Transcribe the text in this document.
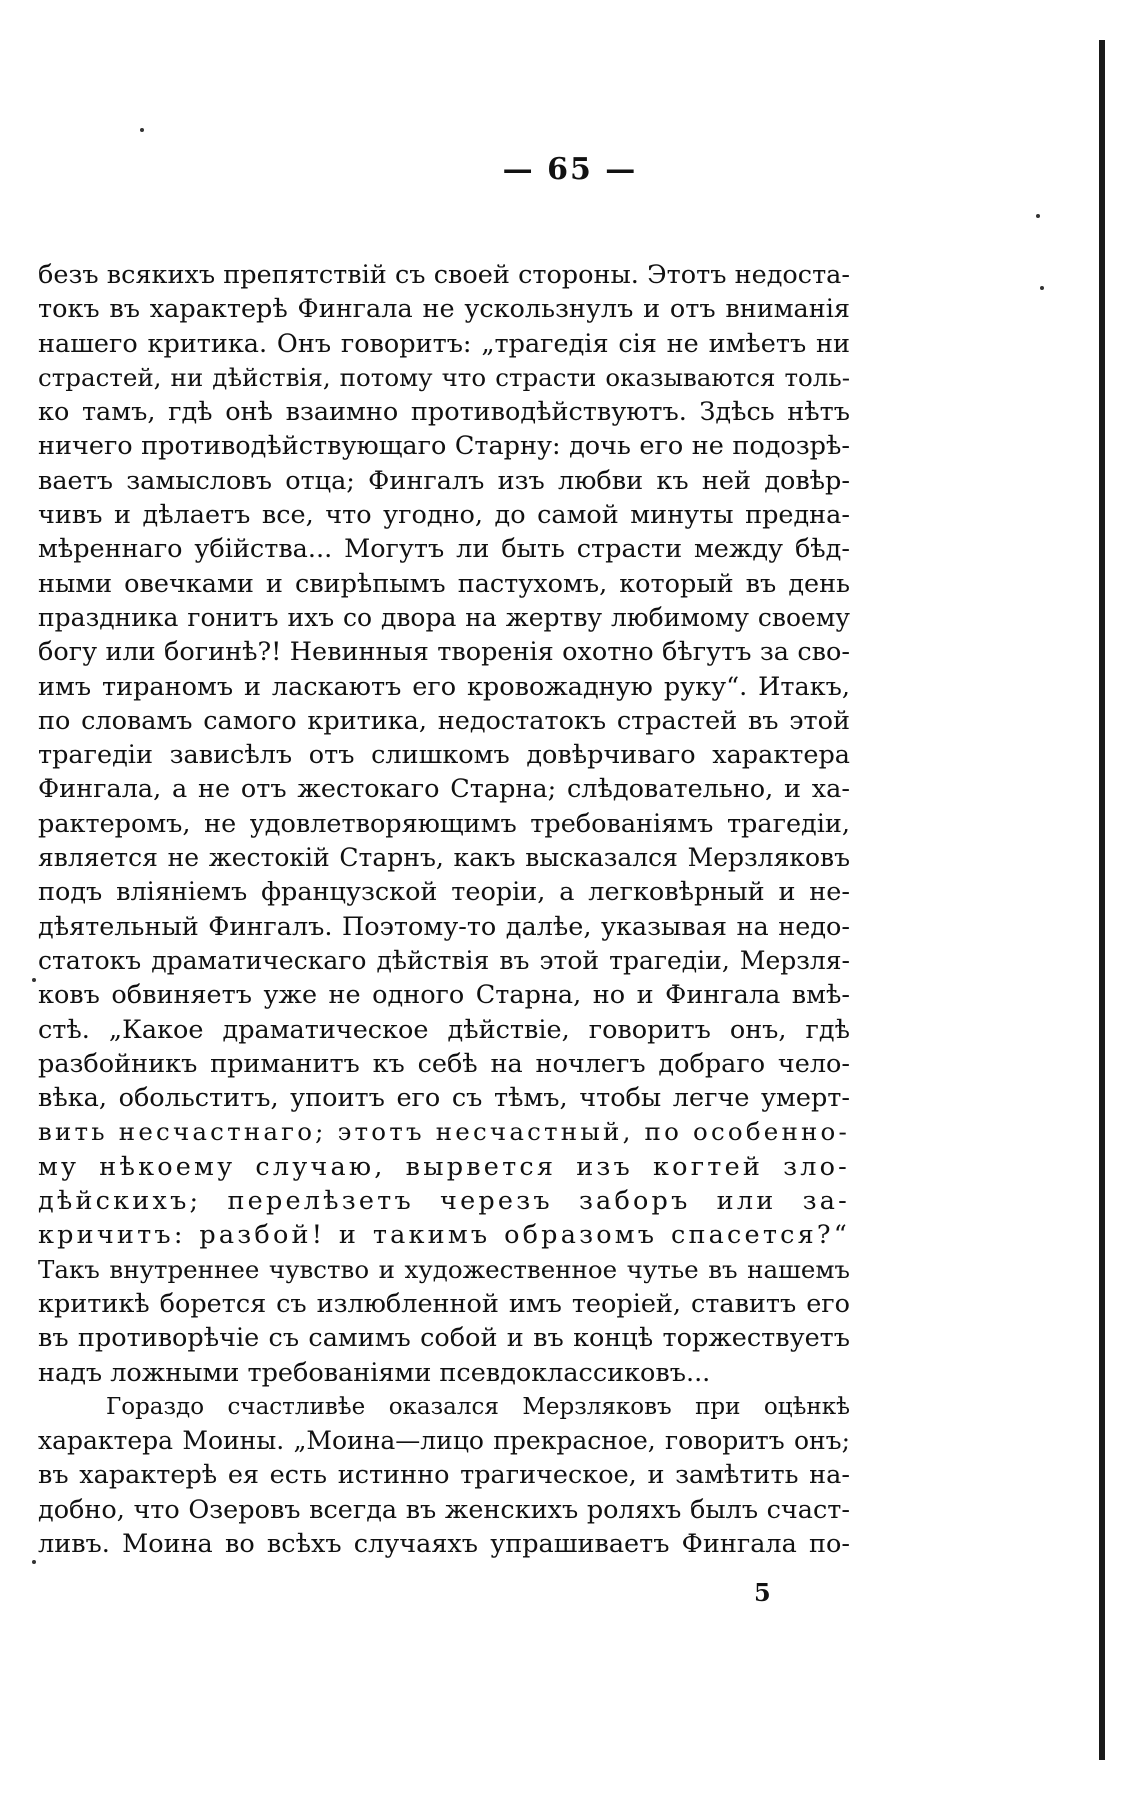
— 65 —
безъ всякихъ препятствій съ своей стороны. Этотъ недоста-
токъ въ характерѣ Фингала не ускользнулъ и отъ вниманія
нашего критика. Онъ говоритъ: „трагедія сія не имѣетъ ни
страстей, ни дѣйствія, потому что страсти оказываются толь-
ко тамъ, гдѣ онѣ взаимно противодѣйствуютъ. Здѣсь нѣтъ
ничего противодѣйствующаго Старну: дочь его не подозрѣ-
ваетъ замысловъ отца; Фингалъ изъ любви къ ней довѣр-
чивъ и дѣлаетъ все, что угодно, до самой минуты предна-
мѣреннаго убійства... Могутъ ли быть страсти между бѣд-
ными овечками и свирѣпымъ пастухомъ, который въ день
праздника гонитъ ихъ со двора на жертву любимому своему
богу или богинѣ?! Невинныя творенія охотно бѣгутъ за сво-
имъ тираномъ и ласкаютъ его кровожадную руку“. Итакъ,
по словамъ самого критика, недостатокъ страстей въ этой
трагедіи зависѣлъ отъ слишкомъ довѣрчиваго характера
Фингала, а не отъ жестокаго Старна; слѣдовательно, и ха-
рактеромъ, не удовлетворяющимъ требованіямъ трагедіи,
является не жестокій Старнъ, какъ высказался Мерзляковъ
подъ вліяніемъ французской теоріи, а легковѣрный и не-
дѣятельный Фингалъ. Поэтому-то далѣе, указывая на недо-
статокъ драматическаго дѣйствія въ этой трагедіи, Мерзля-
ковъ обвиняетъ уже не одного Старна, но и Фингала вмѣ-
стѣ. „Какое драматическое дѣйствіе, говоритъ онъ, гдѣ
разбойникъ приманитъ къ себѣ на ночлегъ добраго чело-
вѣка, обольститъ, упоитъ его съ тѣмъ, чтобы легче умерт-
вить несчастнаго; этотъ несчастный, по особенно-
му нѣкоему случаю, вырвется изъ когтей зло-
дѣйскихъ; перелѣзетъ черезъ заборъ или за-
кричитъ: разбой! и такимъ образомъ спасется?“
Такъ внутреннее чувство и художественное чутье въ нашемъ
критикѣ борется съ излюбленной имъ теоріей, ставитъ его
въ противорѣчіе съ самимъ собой и въ концѣ торжествуетъ
надъ ложными требованіями псевдоклассиковъ...
Гораздо счастливѣе оказался Мерзляковъ при оцѣнкѣ
характера Моины. „Моина—лицо прекрасное, говоритъ онъ;
въ характерѣ ея есть истинно трагическое, и замѣтить на-
добно, что Озеровъ всегда въ женскихъ роляхъ былъ счаст-
ливъ. Моина во всѣхъ случаяхъ упрашиваетъ Фингала по-
5
